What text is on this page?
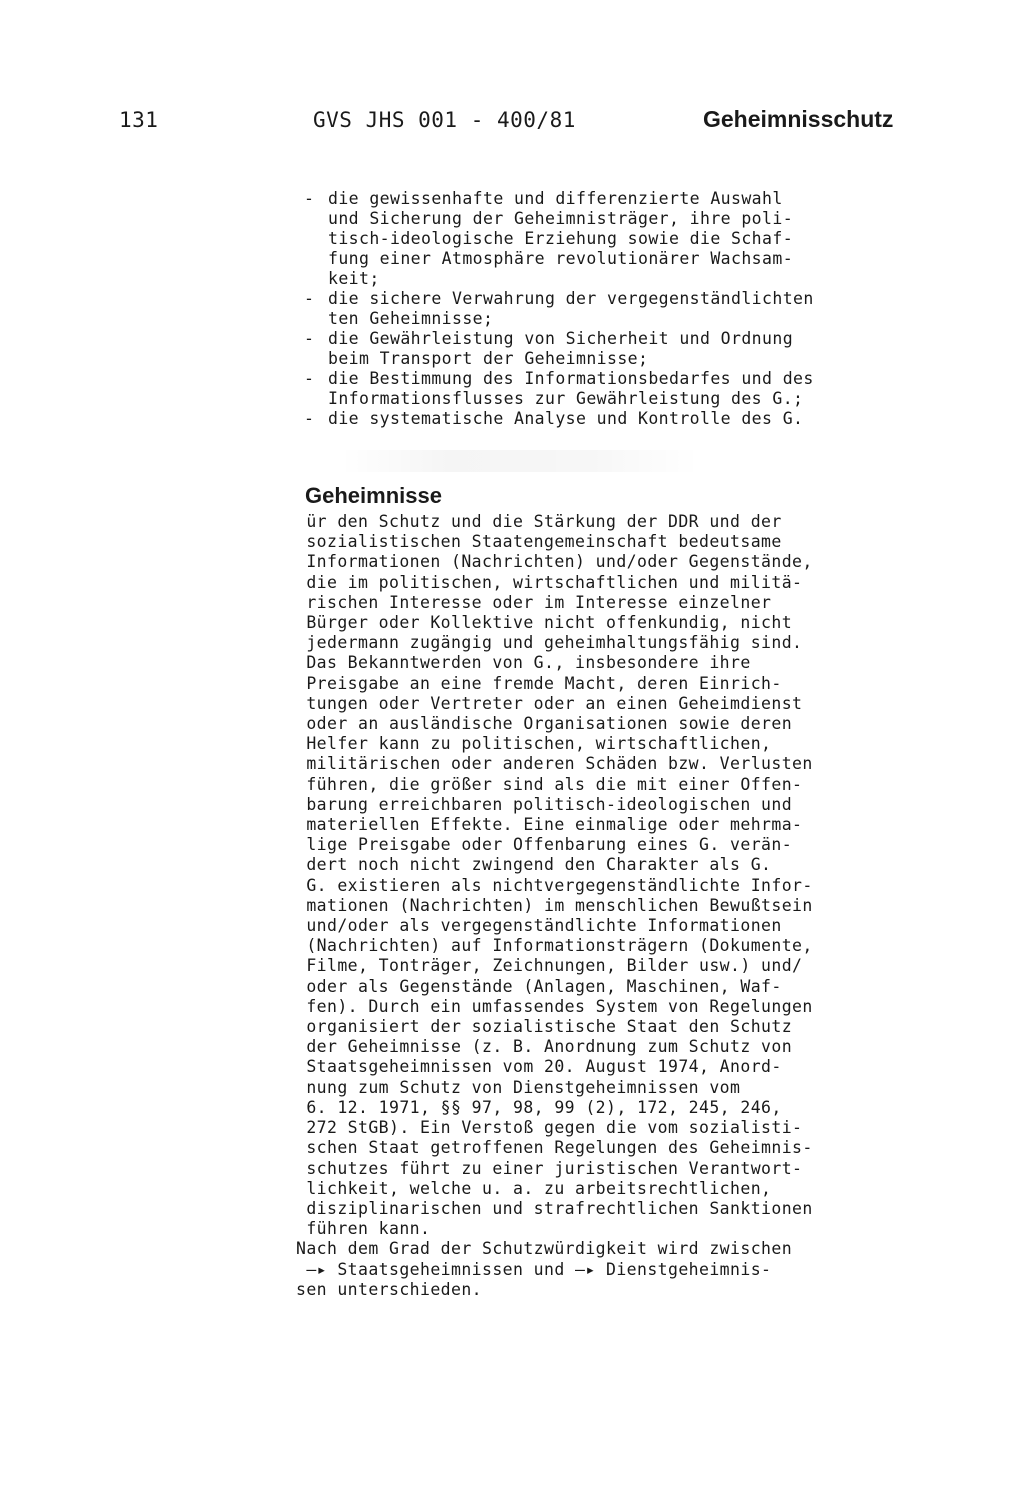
131	GVS JHS 001 - 400/81	Geheimnisschutz
- die gewissenhafte und differenzierte Auswahl
und Sicherung der Geheimnisträger, ihre poli-
tisch-ideologische Erziehung sowie die Schaf-
fung einer Atmosphäre revolutionärer Wachsam-
keit;
- die sichere Verwahrung der vergegenständlichten
ten Geheimnisse;
- die Gewährleistung von Sicherheit und Ordnung
beim Transport der Geheimnisse;
- die Bestimmung des Informationsbedarfes und des
Informationsflusses zur Gewährleistung des G.;
- die systematische Analyse und Kontrolle des G.
Geheimnisse
ür den Schutz und die Stärkung der DDR und der
sozialistischen Staatengemeinschaft bedeutsame
Informationen (Nachrichten) und/oder Gegenstände,
die im politischen, wirtschaftlichen und militä-
rischen Interesse oder im Interesse einzelner
Bürger oder Kollektive nicht offenkundig, nicht
jedermann zugängig und geheimhaltungsfähig sind.
Das Bekanntwerden von G., insbesondere ihre
Preisgabe an eine fremde Macht, deren Einrich-
tungen oder Vertreter oder an einen Geheimdienst
oder an ausländische Organisationen sowie deren
Helfer kann zu politischen, wirtschaftlichen,
militärischen oder anderen Schäden bzw. Verlusten
führen, die größer sind als die mit einer Offen-
barung erreichbaren politisch-ideologischen und
materiellen Effekte. Eine einmalige oder mehrma-
lige Preisgabe oder Offenbarung eines G. verän-
dert noch nicht zwingend den Charakter als G.
G. existieren als nichtvergegenständlichte Infor-
mationen (Nachrichten) im menschlichen Bewußtsein
und/oder als vergegenständlichte Informationen
(Nachrichten) auf Informationsträgern (Dokumente,
Filme, Tonträger, Zeichnungen, Bilder usw.) und/
oder als Gegenstände (Anlagen, Maschinen, Waf-
fen). Durch ein umfassendes System von Regelungen
organisiert der sozialistische Staat den Schutz
der Geheimnisse (z. B. Anordnung zum Schutz von
Staatsgeheimnissen vom 20. August 1974, Anord-
nung zum Schutz von Dienstgeheimnissen vom
6. 12. 1971, §§ 97, 98, 99 (2), 172, 245, 246,
272 StGB). Ein Verstoß gegen die vom sozialisti-
schen Staat getroffenen Regelungen des Geheimnis-
schutzes führt zu einer juristischen Verantwort-
lichkeit, welche u. a. zu arbeitsrechtlichen,
disziplinarischen und strafrechtlichen Sanktionen
führen kann.
Nach dem Grad der Schutzwürdigkeit wird zwischen
—▸ Staatsgeheimnissen und —▸ Dienstgeheimnis-
sen unterschieden.
